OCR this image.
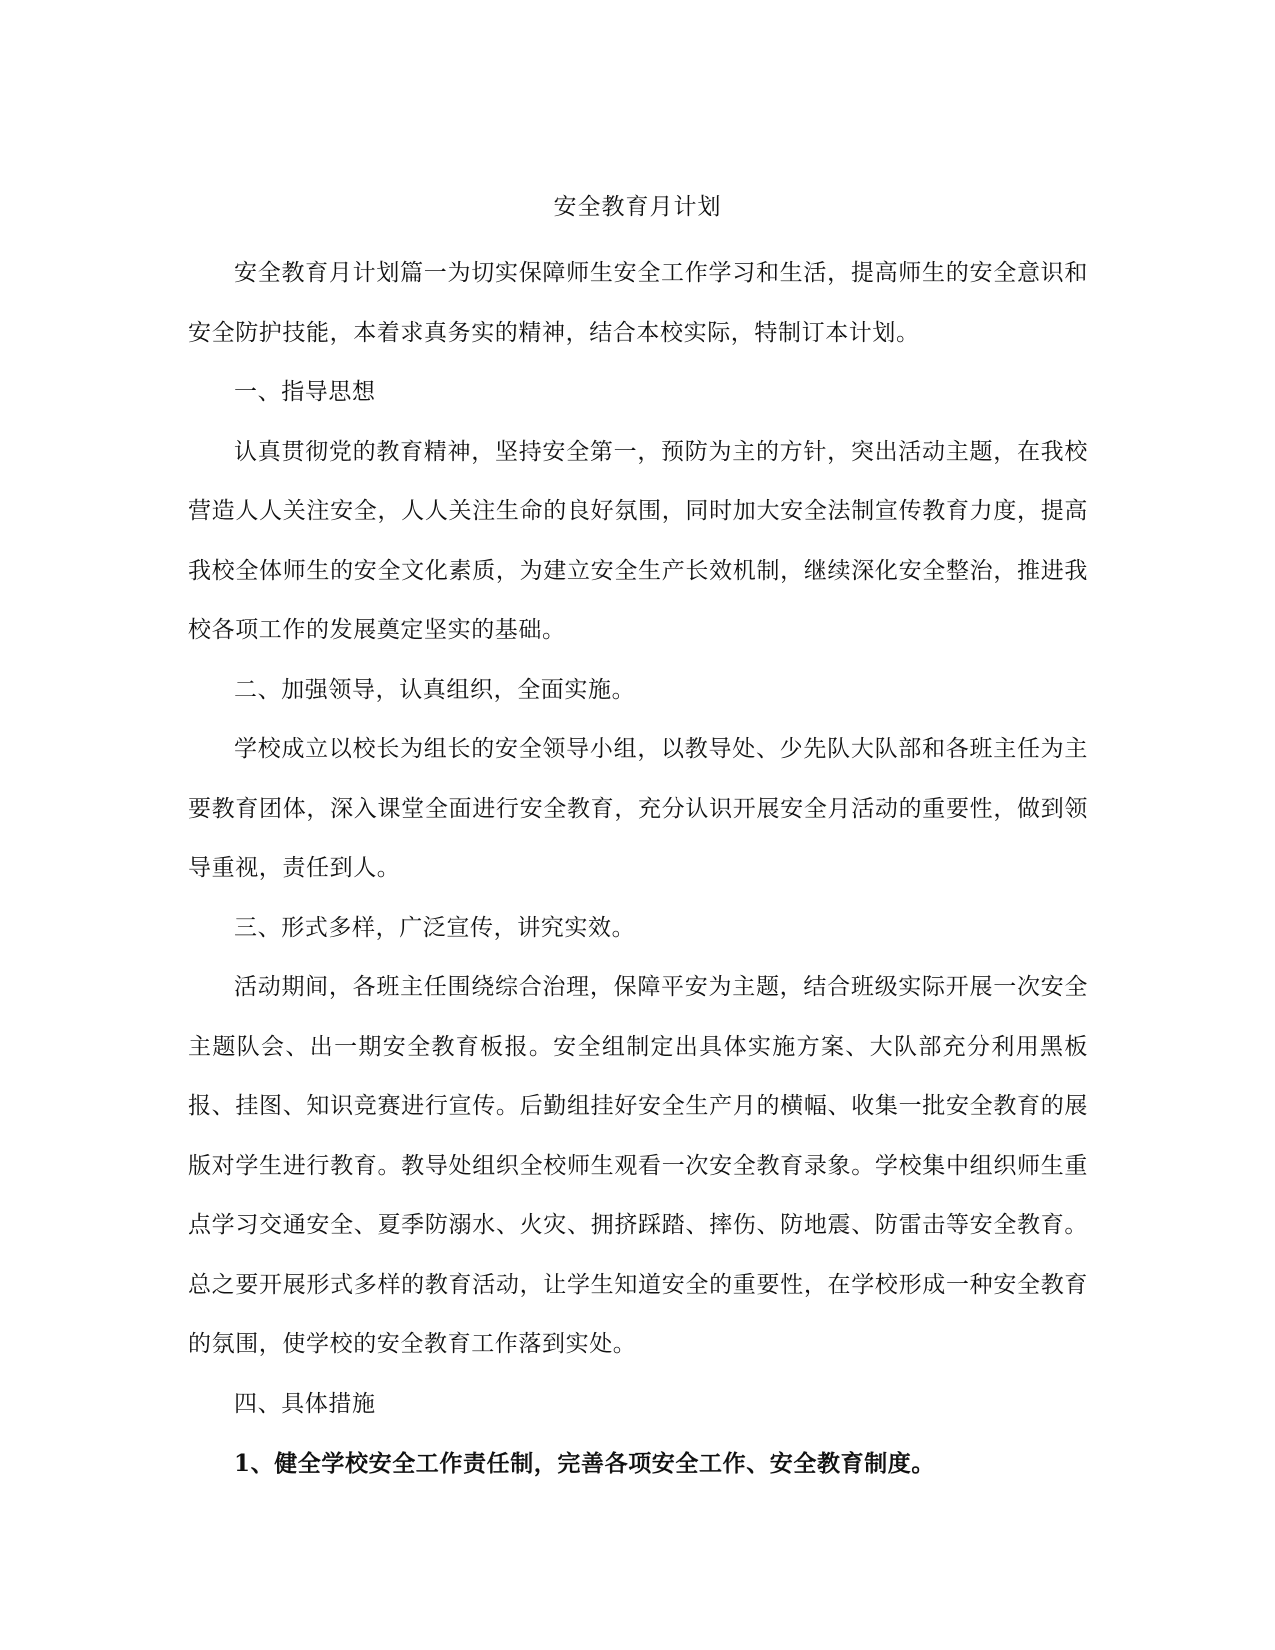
安全教育月计划

安全教育月计划篇一为切实保障师生安全工作学习和生活，提高师生的安全意识和安全防护技能，本着求真务实的精神，结合本校实际，特制订本计划。

一、指导思想

认真贯彻党的教育精神，坚持安全第一，预防为主的方针，突出活动主题，在我校营造人人关注安全，人人关注生命的良好氛围，同时加大安全法制宣传教育力度，提高我校全体师生的安全文化素质，为建立安全生产长效机制，继续深化安全整治，推进我校各项工作的发展奠定坚实的基础。

二、加强领导，认真组织，全面实施。

学校成立以校长为组长的安全领导小组，以教导处、少先队大队部和各班主任为主要教育团体，深入课堂全面进行安全教育，充分认识开展安全月活动的重要性，做到领导重视，责任到人。

三、形式多样，广泛宣传，讲究实效。

活动期间，各班主任围绕综合治理，保障平安为主题，结合班级实际开展一次安全主题队会、出一期安全教育板报。安全组制定出具体实施方案、大队部充分利用黑板报、挂图、知识竞赛进行宣传。后勤组挂好安全生产月的横幅、收集一批安全教育的展版对学生进行教育。教导处组织全校师生观看一次安全教育录象。学校集中组织师生重点学习交通安全、夏季防溺水、火灾、拥挤踩踏、摔伤、防地震、防雷击等安全教育。总之要开展形式多样的教育活动，让学生知道安全的重要性，在学校形成一种安全教育的氛围，使学校的安全教育工作落到实处。

四、具体措施

1、健全学校安全工作责任制，完善各项安全工作、安全教育制度。
